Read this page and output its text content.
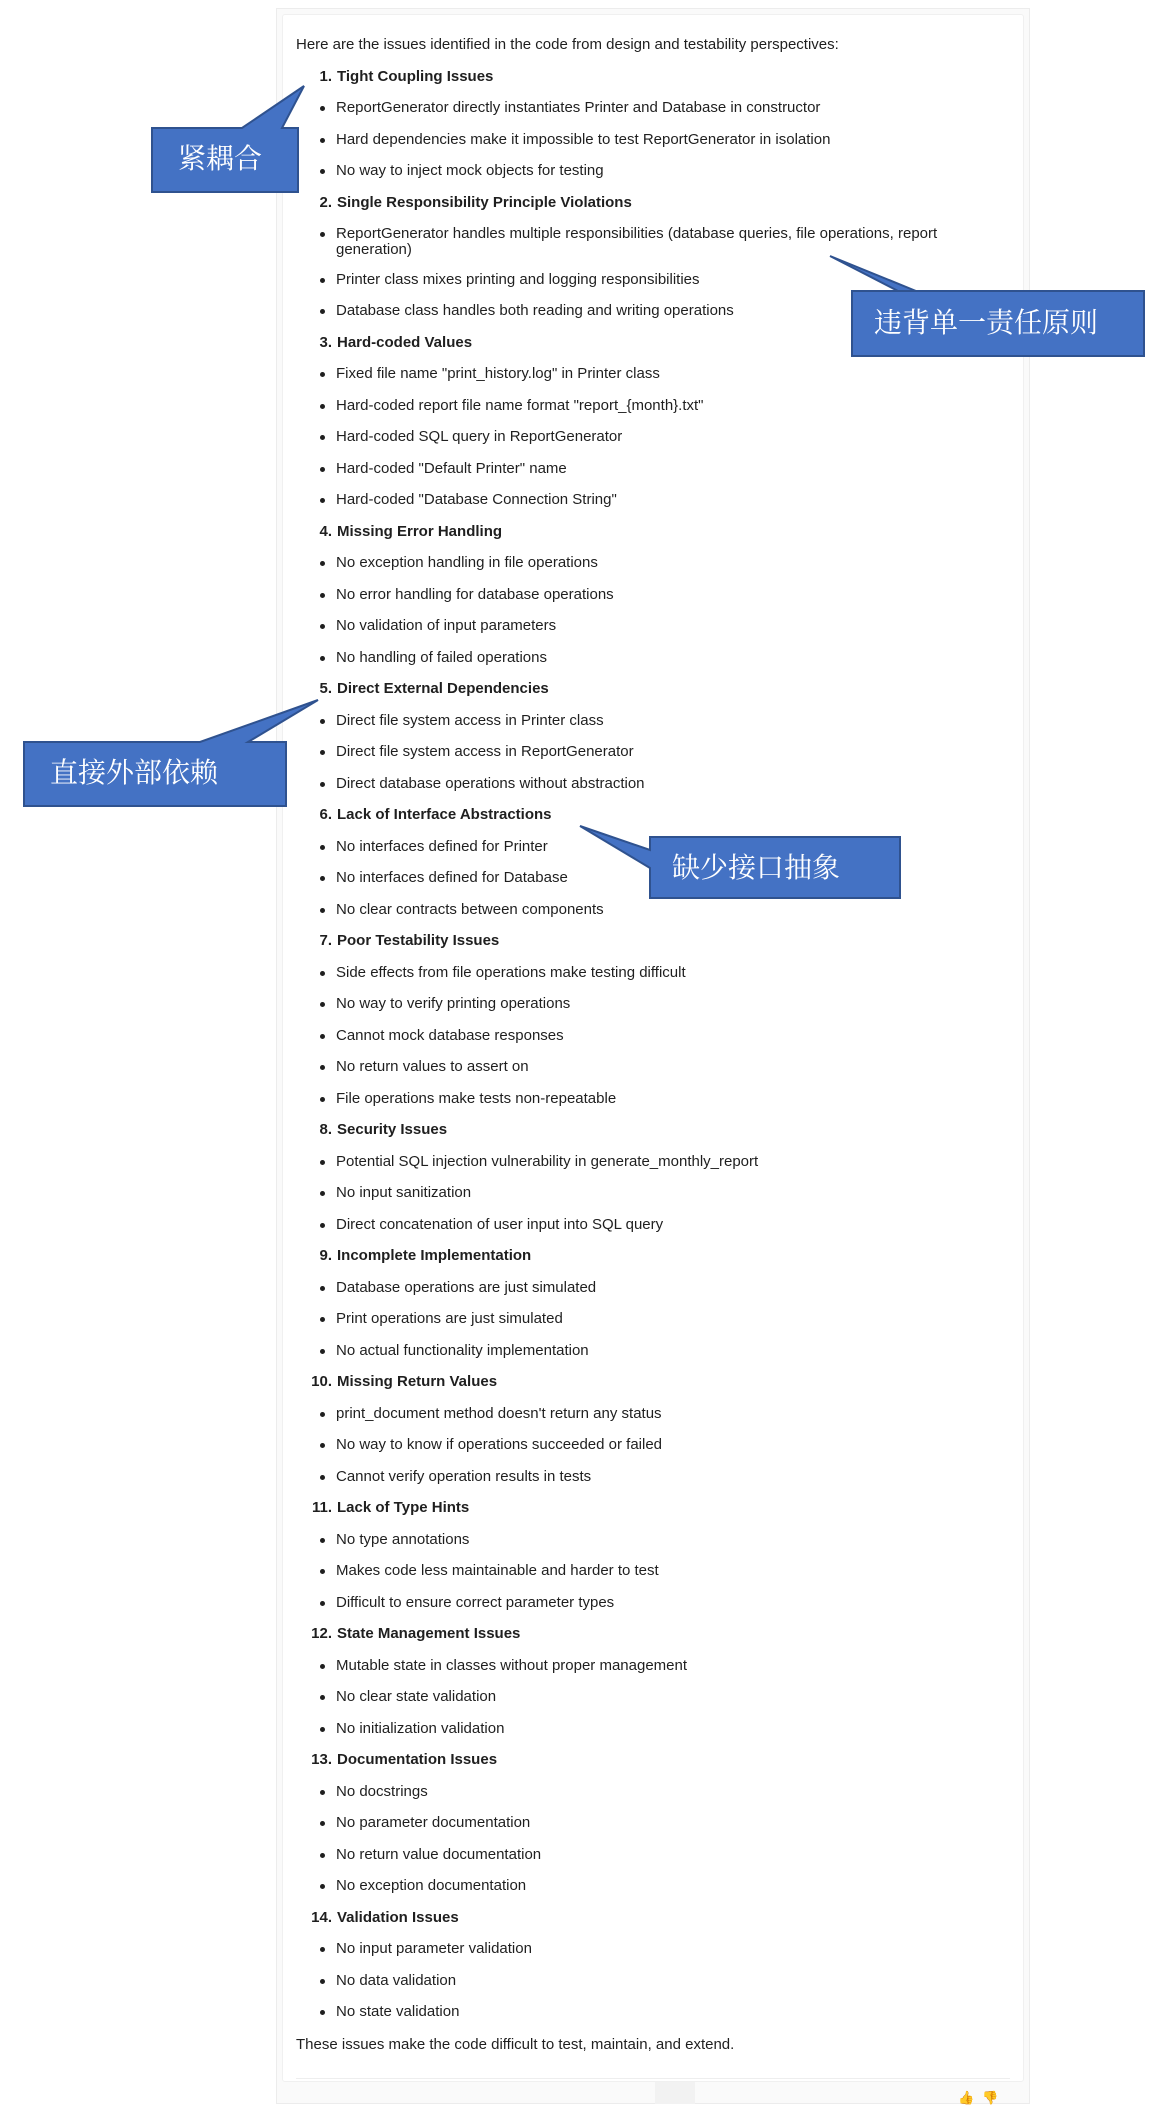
Here are the issues identified in the code from design and testability perspectives:
1. Tight Coupling Issues
ReportGenerator directly instantiates Printer and Database in constructor
Hard dependencies make it impossible to test ReportGenerator in isolation
No way to inject mock objects for testing
2. Single Responsibility Principle Violations
ReportGenerator handles multiple responsibilities (database queries, file operations, report
generation)
Printer class mixes printing and logging responsibilities
Database class handles both reading and writing operations
3. Hard-coded Values
Fixed file name "print_history.log" in Printer class
Hard-coded report file name format "report_{month}.txt"
Hard-coded SQL query in ReportGenerator
Hard-coded "Default Printer" name
Hard-coded "Database Connection String"
4. Missing Error Handling
No exception handling in file operations
No error handling for database operations
No validation of input parameters
No handling of failed operations
5. Direct External Dependencies
Direct file system access in Printer class
Direct file system access in ReportGenerator
Direct database operations without abstraction
6. Lack of Interface Abstractions
No interfaces defined for Printer
No interfaces defined for Database
No clear contracts between components
7. Poor Testability Issues
Side effects from file operations make testing difficult
No way to verify printing operations
Cannot mock database responses
No return values to assert on
File operations make tests non-repeatable
8. Security Issues
Potential SQL injection vulnerability in generate_monthly_report
No input sanitization
Direct concatenation of user input into SQL query
9. Incomplete Implementation
Database operations are just simulated
Print operations are just simulated
No actual functionality implementation
10. Missing Return Values
print_document method doesn't return any status
No way to know if operations succeeded or failed
Cannot verify operation results in tests
11. Lack of Type Hints
No type annotations
Makes code less maintainable and harder to test
Difficult to ensure correct parameter types
12. State Management Issues
Mutable state in classes without proper management
No clear state validation
No initialization validation
13. Documentation Issues
No docstrings
No parameter documentation
No return value documentation
No exception documentation
14. Validation Issues
No input parameter validation
No data validation
No state validation
These issues make the code difficult to test, maintain, and extend.
👍 👎
紧耦合
违背单一责任原则
直接外部依赖
缺少接口抽象
